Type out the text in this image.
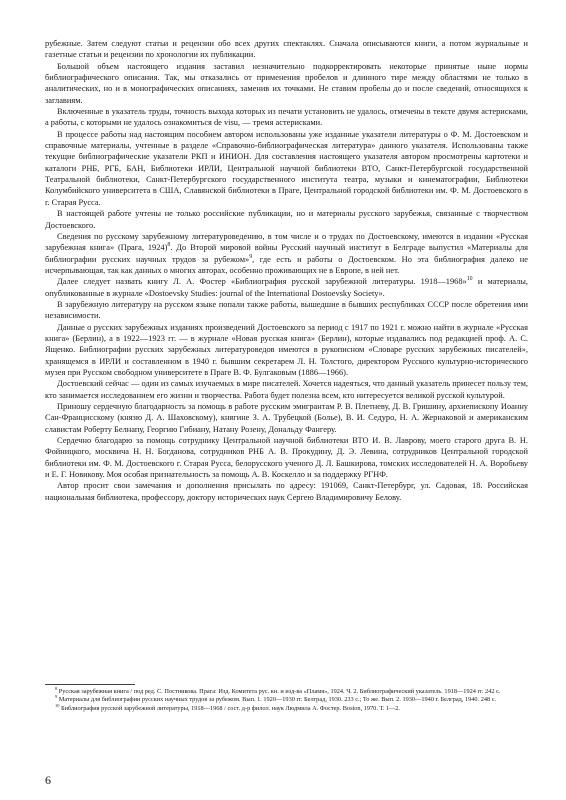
рубежные. Затем следуют статьи и рецензии обо всех других спектаклях. Сначала описываются книги, а потом журнальные и газетные статьи и рецензии по хронологии их публикации.

Большой объем настоящего издания заставил незначительно подкорректировать некоторые принятые ныне нормы библиографического описания. Так, мы отказались от применения пробелов и длинного тире между областями не только в аналитических, но и в монографических описаниях, заменив их точками. Не ставим пробелы до и после сведений, относящихся к заглавиям.

Включенные в указатель труды, точность выхода которых из печати установить не удалось, отмечены в тексте двумя астерисками, а работы, с которыми не удалось ознакомиться de visu, — тремя астерисками.

В процессе работы над настоящим пособием автором использованы уже изданные указатели литературы о Ф. М. Достоевском и справочные материалы, учтенные в разделе «Справочно-библиографическая литература» данного указателя. Использованы также текущие библиографические указатели РКП и ИНИОН. Для составления настоящего указателя автором просмотрены картотеки и каталоги РНБ, РГБ, БАН, Библиотеки ИРЛИ, Центральной научной библиотеки ВТО, Санкт-Петербургской государственной Театральной библиотеки, Санкт-Петербургского государственного института театра, музыки и кинематографии, Библиотеки Колумбийского университета в США, Славянской библиотеки в Праге, Центральной городской библиотеки им. Ф. М. Достоевского в г. Старая Русса.

В настоящей работе учтены не только российские публикации, но и материалы русского зарубежья, связанные с творчеством Достоевского.

Сведения по русскому зарубежному литературоведению, в том числе и о трудах по Достоевскому, имеются в издании «Русская зарубежная книга» (Прага, 1924)$^8$. До Второй мировой войны Русский научный институт в Белграде выпустил «Материалы для библиографии русских научных трудов за рубежом»$^9$, где есть и работы о Достоевском. Но эта библиография далеко не исчерпывающая, так как данных о многих авторах, особенно проживающих не в Европе, в ней нет.

Далее следует назвать книгу Л. А. Фостер «Библиография русской зарубежной литературы. 1918—1968»$^{10}$ и материалы, опубликованные в журнале «Dostoevsky Studies: journal of the International Dostoevsky Society».

В зарубежную литературу на русском языке попали также работы, вышедшие в бывших республиках СССР после обретения ими независимости.

Данные о русских зарубежных изданиях произведений Достоевского за период с 1917 по 1921 г. можно найти в журнале «Русская книга» (Берлин), а в 1922—1923 гг. — в журнале «Новая русская книга» (Берлин), которые издавались под редакцией проф. А. С. Ященко. Библиографии русских зарубежных литературоведов имеются в рукописном «Словаре русских зарубежных писателей», хранящемся в ИРЛИ и составленном в 1940 г. бывшим секретарем Л. Н. Толстого, директором Русского культурно-исторического музея при Русском свободном университете в Праге В. Ф. Булгаковым (1886—1966).

Достоевский сейчас — один из самых изучаемых в мире писателей. Хочется надеяться, что данный указатель принесет пользу тем, кто занимается исследованием его жизни и творчества. Работа будет полезна всем, кто интересуется великой русской культурой.

Приношу сердечную благодарность за помощь в работе русским эмигрантам Р. В. Плетневу, Д. В. Гришину, архиепископу Иоанну Сан-Францисскому (князю Д. А. Шаховскому), княгине З. А. Трубецкой (Больe), В. И. Седурo, Н. А. Жернаковой и американским славистам Роберту Белнапу, Георгию Гибиану, Натану Розену, Дональду Фангеру.

Сердечно благодарю за помощь сотруднику Центральной научной библиотеки ВТО И. В. Лаврову, моего старого друга В. Н. Фойницкого, москвича Н. Н. Богданова, сотрудников РНБ А. В. Прокудину, Д. Э. Левина, сотрудников Центральной городской библиотеки им. Ф. М. Достоевского г. Старая Русса, белорусского ученого Д. Л. Башкирова, томских исследователей Н. А. Воробьеву и Е. Г. Новикову. Моя особая признательность за помощь А. В. Коскелло и за поддержку РГНФ.

Автор просит свои замечания и дополнения присылать по адресу: 191069, Санкт-Петербург, ул. Садовая, 18. Российская национальная библиотека, профессору, доктору исторических наук Сергею Владимировичу Белову.

$^8$ Русская зарубежная книга / под ред. С. Постникова. Прага: Изд. Комитета рус. кн. и изд-ва «Пламя», 1924. Ч. 2. Библиографический указатель. 1918—1924 гг. 242 с.

$^9$ Материалы для библиографии русских научных трудов за рубежом. Вып. 1. 1920—1930 гг. Белград, 1930. 233 с.; То же. Вып. 2. 1930—1940 г. Белград, 1940. 248 с.

$^{10}$ Библиография русской зарубежной литературы, 1918—1968 / сост. д-р филол. наук Людмила А. Фостер. Boston, 1970. Т. 1—2.

6
